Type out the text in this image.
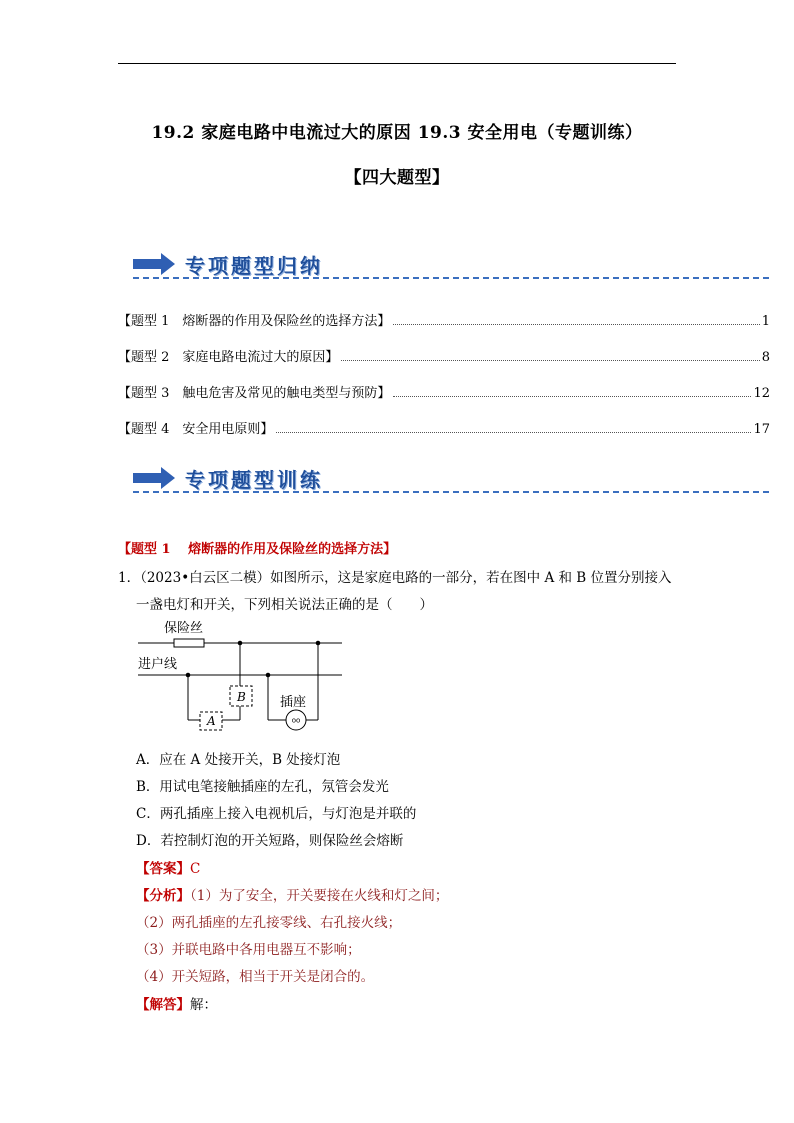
19.2 家庭电路中电流过大的原因 19.3 安全用电（专题训练）
【四大题型】
专项题型归纳
【题型 1　熔断器的作用及保险丝的选择方法】	1
【题型 2　家庭电路电流过大的原因】	8
【题型 3　触电危害及常见的触电类型与预防】	12
【题型 4　安全用电原则】	17
专项题型训练
【题型 1　 熔断器的作用及保险丝的选择方法】
1．（2023•白云区二模）如图所示，这是家庭电路的一部分，若在图中 A 和 B 位置分别接入
一盏电灯和开关，下列相关说法正确的是（　　）
保险丝
进户线
插座
A
B
oo
A．应在 A 处接开关，B 处接灯泡
B．用试电笔接触插座的左孔，氖管会发光
C．两孔插座上接入电视机后，与灯泡是并联的
D．若控制灯泡的开关短路，则保险丝会熔断
【答案】C
【分析】（1）为了安全，开关要接在火线和灯之间；
（2）两孔插座的左孔接零线、右孔接火线；
（3）并联电路中各用电器互不影响；
（4）开关短路，相当于开关是闭合的。
【解答】解：
